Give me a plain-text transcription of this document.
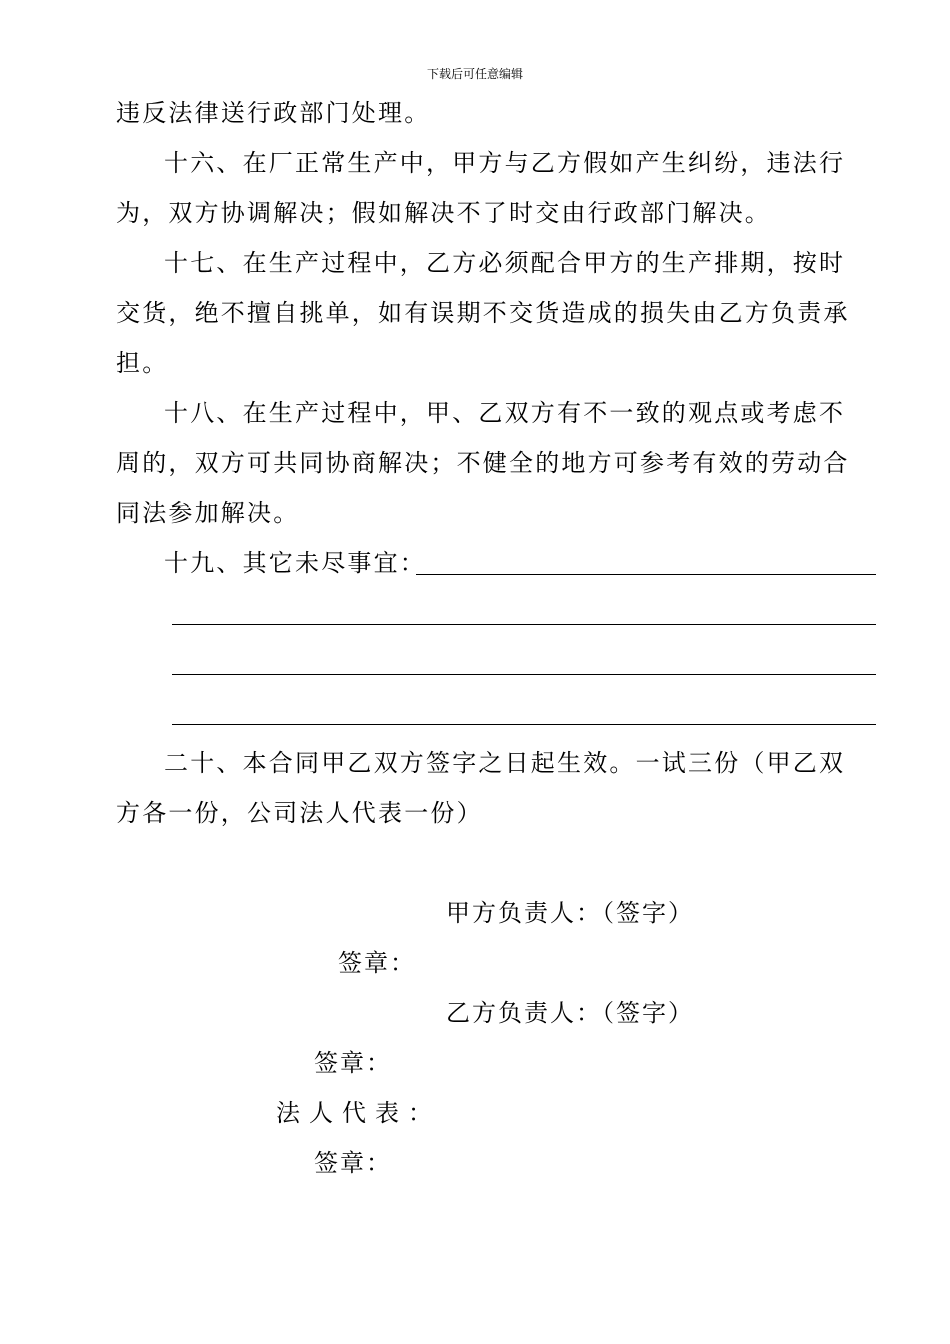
下载后可任意编辑
违反法律送行政部门处理。
十六、在厂正常生产中，甲方与乙方假如产生纠纷，违法行
为，双方协调解决；假如解决不了时交由行政部门解决。
十七、在生产过程中，乙方必须配合甲方的生产排期，按时
交货，绝不擅自挑单，如有误期不交货造成的损失由乙方负责承
担。
十八、在生产过程中，甲、乙双方有不一致的观点或考虑不
周的，双方可共同协商解决；不健全的地方可参考有效的劳动合
同法参加解决。
十九、其它未尽事宜：
二十、本合同甲乙双方签字之日起生效。一试三份（甲乙双
方各一份，公司法人代表一份）
甲方负责人：（签字）
签章：
乙方负责人：（签字）
签章：
法人代表：
签章：
